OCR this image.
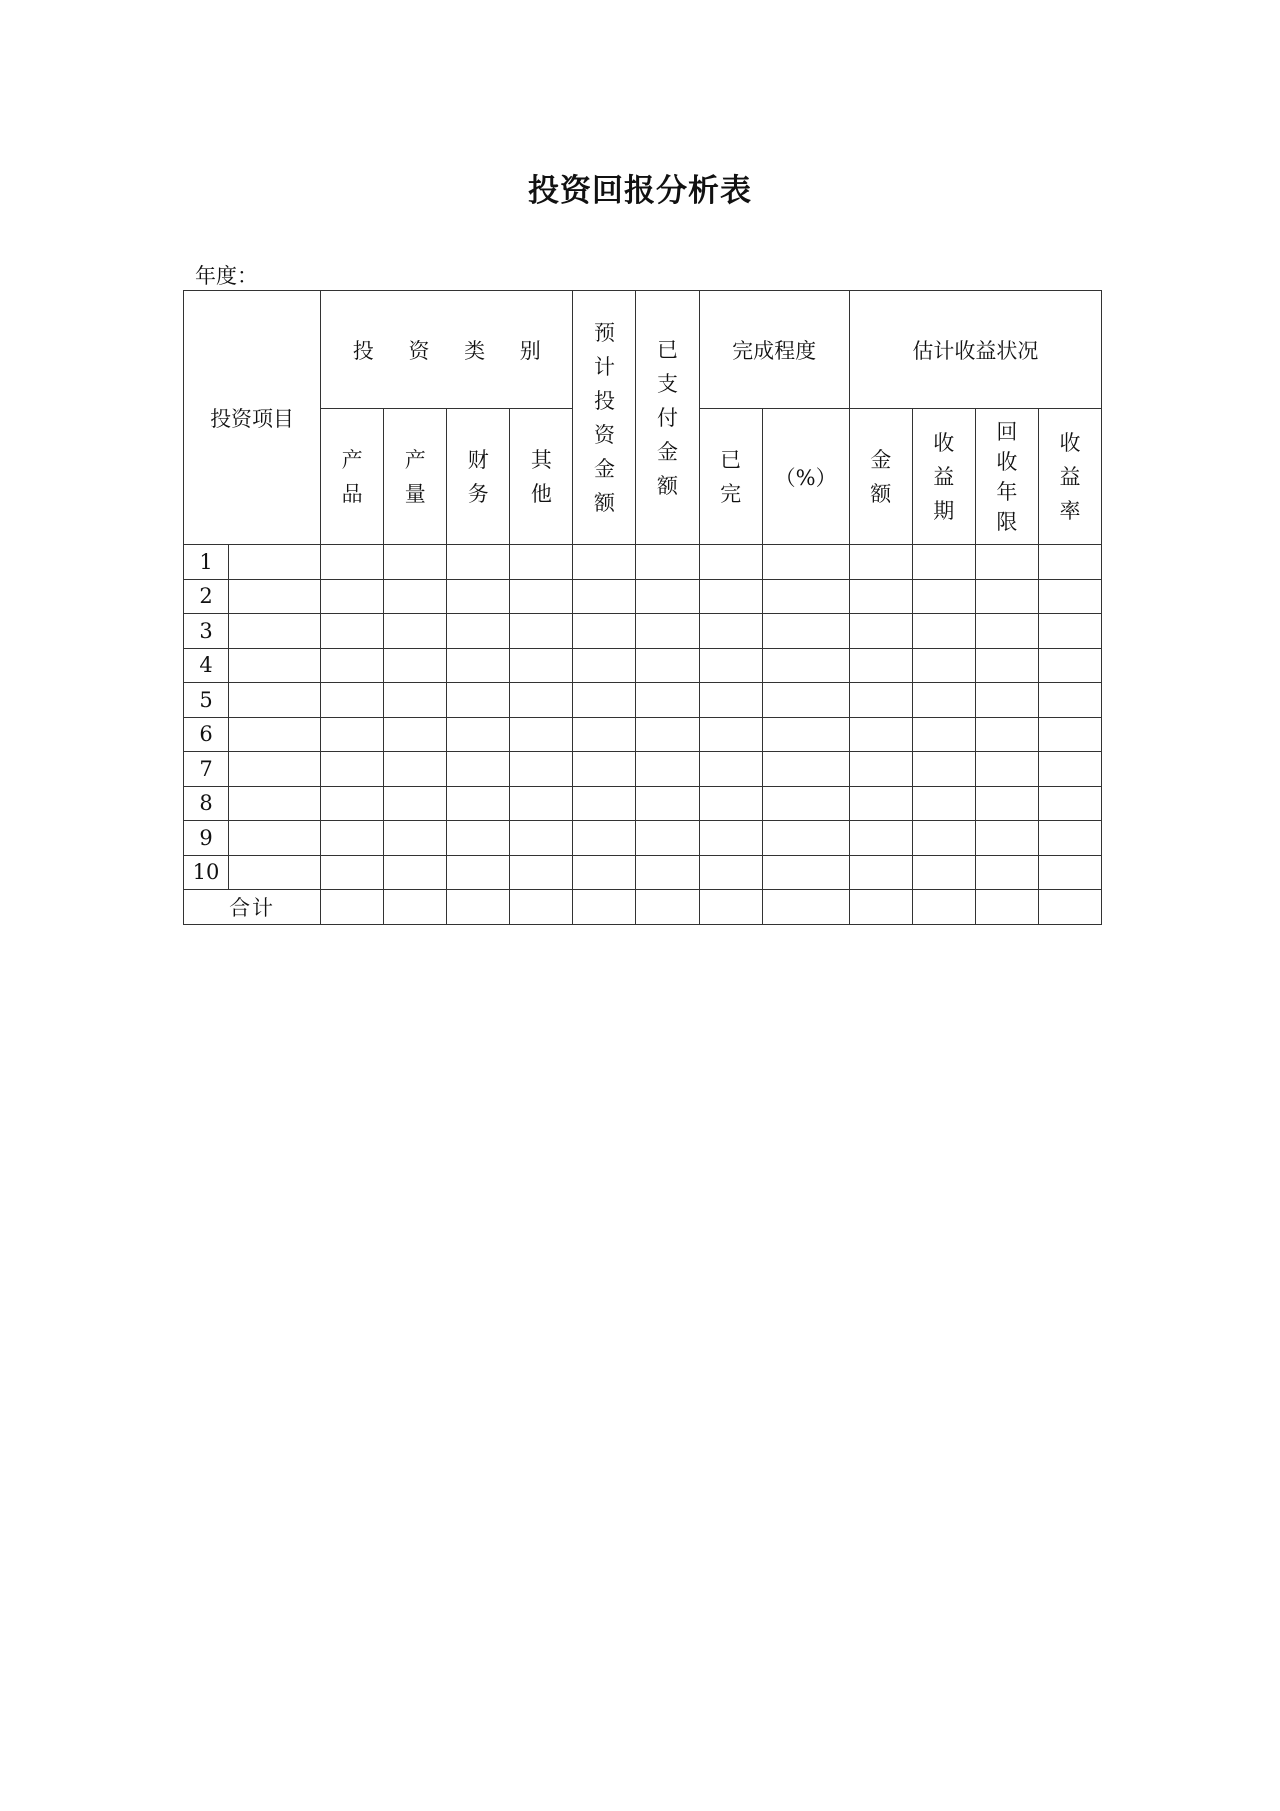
投资回报分析表
年度：
投资项目		投 资 类 别				预计投资金额	已支付金额	完成程度		估计收益状况			
		产品	产量	财务	其他			已完	（%）	金额	收益期	回收年限	收益率
1													
2													
3													
4													
5													
6													
7													
8													
9													
10													
合计													
